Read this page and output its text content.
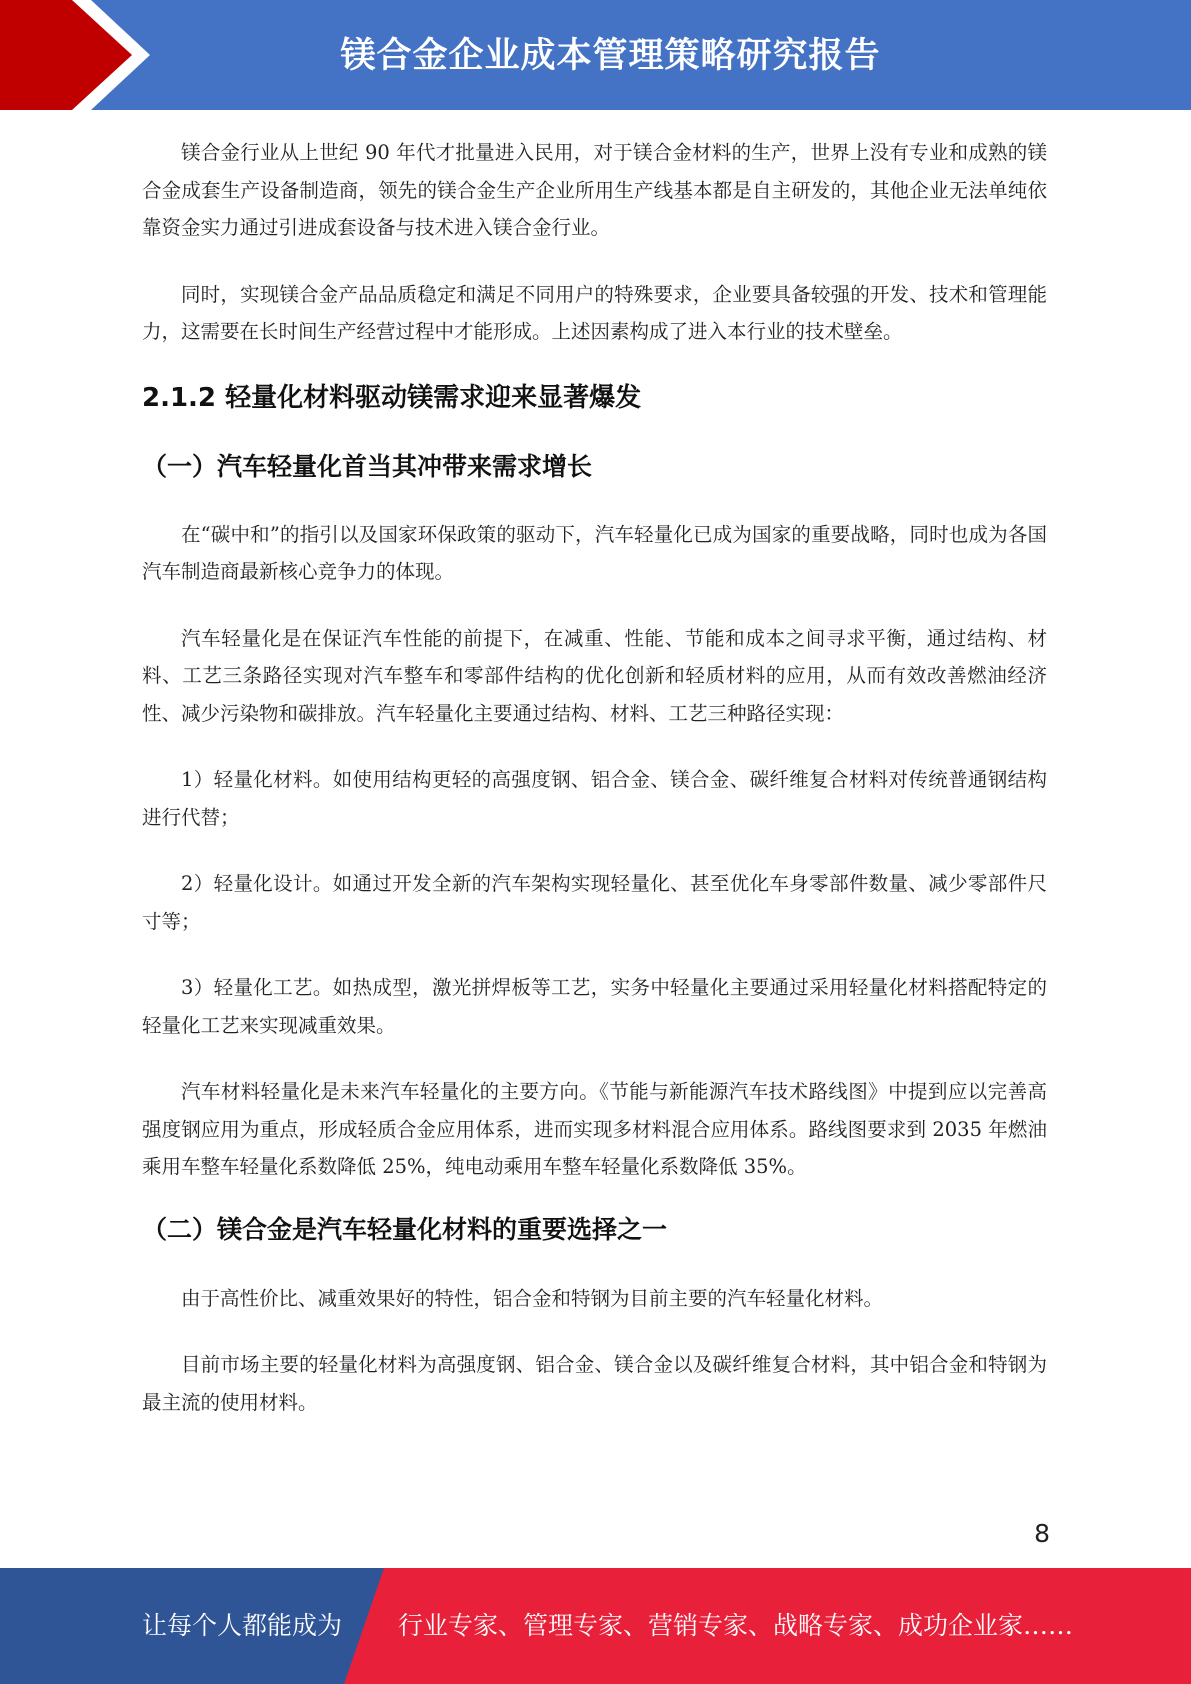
镁合金企业成本管理策略研究报告

镁合金行业从上世纪 90 年代才批量进入民用，对于镁合金材料的生产，世界上没有专业和成熟的镁合金成套生产设备制造商，领先的镁合金生产企业所用生产线基本都是自主研发的，其他企业无法单纯依靠资金实力通过引进成套设备与技术进入镁合金行业。

同时，实现镁合金产品品质稳定和满足不同用户的特殊要求，企业要具备较强的开发、技术和管理能力，这需要在长时间生产经营过程中才能形成。上述因素构成了进入本行业的技术壁垒。

2.1.2 轻量化材料驱动镁需求迎来显著爆发
（一）汽车轻量化首当其冲带来需求增长

在“碳中和”的指引以及国家环保政策的驱动下，汽车轻量化已成为国家的重要战略，同时也成为各国汽车制造商最新核心竞争力的体现。

汽车轻量化是在保证汽车性能的前提下，在减重、性能、节能和成本之间寻求平衡，通过结构、材料、工艺三条路径实现对汽车整车和零部件结构的优化创新和轻质材料的应用，从而有效改善燃油经济性、减少污染物和碳排放。汽车轻量化主要通过结构、材料、工艺三种路径实现：

1）轻量化材料。如使用结构更轻的高强度钢、铝合金、镁合金、碳纤维复合材料对传统普通钢结构进行代替；

2）轻量化设计。如通过开发全新的汽车架构实现轻量化、甚至优化车身零部件数量、减少零部件尺寸等；

3）轻量化工艺。如热成型，激光拼焊板等工艺，实务中轻量化主要通过采用轻量化材料搭配特定的轻量化工艺来实现减重效果。

汽车材料轻量化是未来汽车轻量化的主要方向。《节能与新能源汽车技术路线图》中提到应以完善高强度钢应用为重点，形成轻质合金应用体系，进而实现多材料混合应用体系。路线图要求到 2035 年燃油乘用车整车轻量化系数降低 25%，纯电动乘用车整车轻量化系数降低 35%。

（二）镁合金是汽车轻量化材料的重要选择之一

由于高性价比、减重效果好的特性，铝合金和特钢为目前主要的汽车轻量化材料。

目前市场主要的轻量化材料为高强度钢、铝合金、镁合金以及碳纤维复合材料，其中铝合金和特钢为最主流的使用材料。

8
让每个人都能成为 行业专家、管理专家、营销专家、战略专家、成功企业家……
